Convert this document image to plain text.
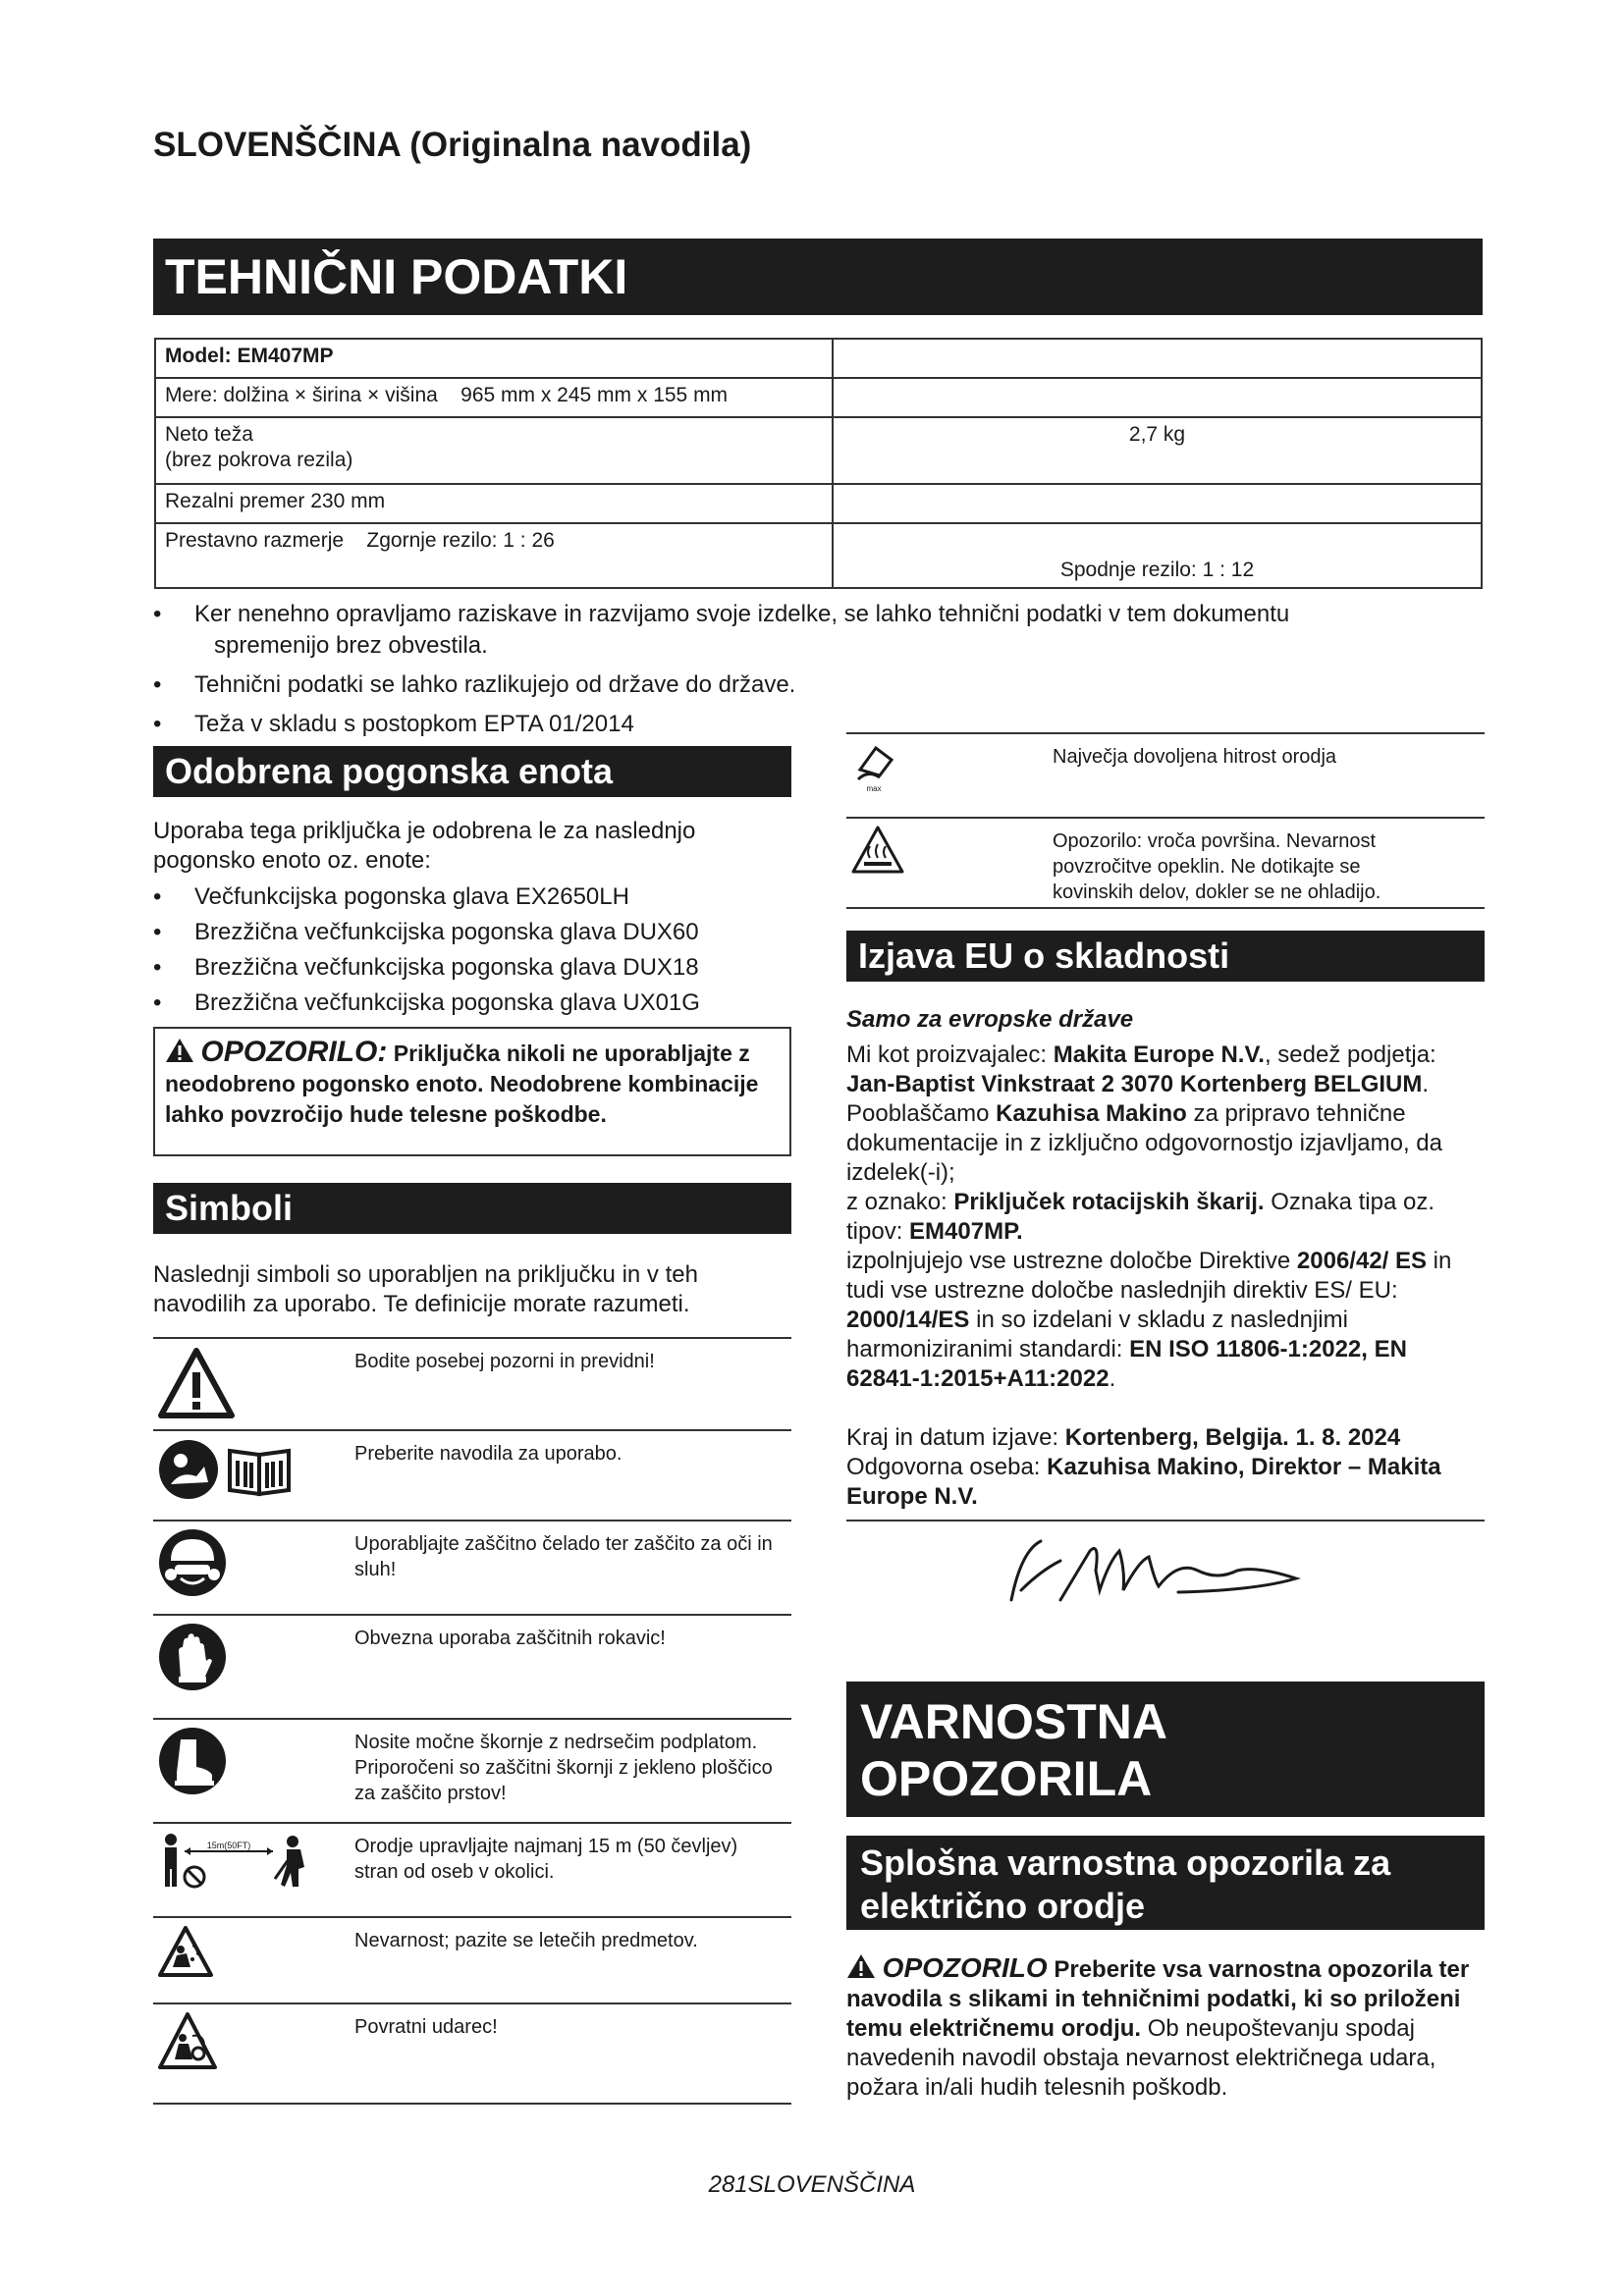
SLOVENŠČINA (Originalna navodila)
TEHNIČNI PODATKI
Model: EM407MP	
Mere: dolžina × širina × višina    965 mm x 245 mm x 155 mm	

Neto teža
(brez pokrova rezila)	2,7 kg
Rezalni premer 230 mm	
Prestavno razmerje    Zgornje rezilo: 1 : 26	Spodnje rezilo: 1 : 12
• Ker nenehno opravljamo raziskave in razvijamo svoje izdelke, se lahko tehnični podatki v tem dokumentu
spremenijo brez obvestila.
• Tehnični podatki se lahko razlikujejo od države do države.
• Teža v skladu s postopkom EPTA 01/2014
Odobrena pogonska enota
Uporaba tega priključka je odobrena le za naslednjo pogonsko enoto oz. enote:
• Večfunkcijska pogonska glava EX2650LH
• Brezžična večfunkcijska pogonska glava DUX60
• Brezžična večfunkcijska pogonska glava DUX18
• Brezžična večfunkcijska pogonska glava UX01G
OPOZORILO: Priključka nikoli ne uporabljajte z neodobreno pogonsko enoto. Neodobrene kombinacije lahko povzročijo hude telesne poškodbe.
Simboli
Naslednji simboli so uporabljen na priključku in v teh navodilih za uporabo. Te definicije morate razumeti.
Bodite posebej pozorni in previdni!
Preberite navodila za uporabo.
Uporabljajte zaščitno čelado ter zaščito za oči in sluh!
Obvezna uporaba zaščitnih rokavic!
Nosite močne škornje z nedrsečim podplatom. Priporočeni so zaščitni škornji z jekleno ploščico za zaščito prstov!
15m(50FT)	Orodje upravljajte najmanj 15 m (50 čevljev) stran od oseb v okolici.
Nevarnost; pazite se letečih predmetov.
Povratni udarec!
max
Največja dovoljena hitrost orodja
Opozorilo: vroča površina. Nevarnost povzročitve opeklin. Ne dotikajte se kovinskih delov, dokler se ne ohladijo.
Izjava EU o skladnosti
Samo za evropske države
Mi kot proizvajalec: Makita Europe N.V., sedež podjetja: Jan-Baptist Vinkstraat 2 3070 Kortenberg BELGIUM. Pooblaščamo Kazuhisa Makino za pripravo tehnične dokumentacije in z izključno odgovornostjo izjavljamo, da izdelek(-i);
z oznako: Priključek rotacijskih škarij. Oznaka tipa oz. tipov: EM407MP.
izpolnjujejo vse ustrezne določbe Direktive 2006/42/ ES in tudi vse ustrezne določbe naslednjih direktiv ES/ EU: 2000/14/ES in so izdelani v skladu z naslednjimi harmoniziranimi standardi: EN ISO 11806-1:2022, EN 62841-1:2015+A11:2022.
Kraj in datum izjave: Kortenberg, Belgija. 1. 8. 2024
Odgovorna oseba: Kazuhisa Makino, Direktor – Makita Europe N.V.
VARNOSTNA OPOZORILA
Splošna varnostna opozorila za električno orodje
OPOZORILO Preberite vsa varnostna opozorila ter navodila s slikami in tehničnimi podatki, ki so priloženi temu električnemu orodju. Ob neupoštevanju spodaj navedenih navodil obstaja nevarnost električnega udara, požara in/ali hudih telesnih poškodb.
281SLOVENŠČINA
